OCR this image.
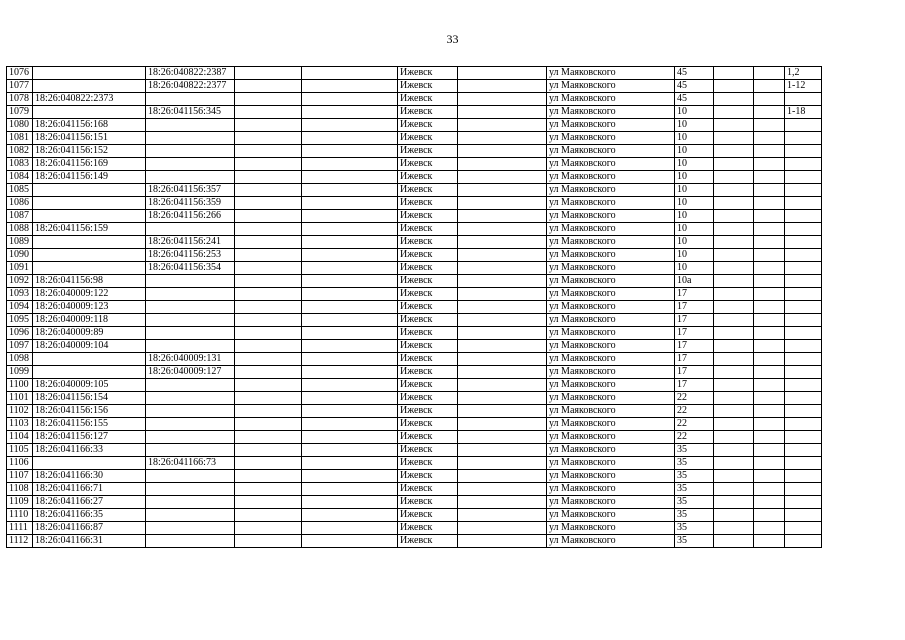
33
1076		18:26:040822:2387			Ижевск		ул Маяковского	45			1,2
1077		18:26:040822:2377			Ижевск		ул Маяковского	45			1-12
1078	18:26:040822:2373				Ижевск		ул Маяковского	45			
1079		18:26:041156:345			Ижевск		ул Маяковского	10			1-18
1080	18:26:041156:168				Ижевск		ул Маяковского	10			
1081	18:26:041156:151				Ижевск		ул Маяковского	10			
1082	18:26:041156:152				Ижевск		ул Маяковского	10			
1083	18:26:041156:169				Ижевск		ул Маяковского	10			
1084	18:26:041156:149				Ижевск		ул Маяковского	10			
1085		18:26:041156:357			Ижевск		ул Маяковского	10			
1086		18:26:041156:359			Ижевск		ул Маяковского	10			
1087		18:26:041156:266			Ижевск		ул Маяковского	10			
1088	18:26:041156:159				Ижевск		ул Маяковского	10			
1089		18:26:041156:241			Ижевск		ул Маяковского	10			
1090		18:26:041156:253			Ижевск		ул Маяковского	10			
1091		18:26:041156:354			Ижевск		ул Маяковского	10			
1092	18:26:041156:98				Ижевск		ул Маяковского	10а			
1093	18:26:040009:122				Ижевск		ул Маяковского	17			
1094	18:26:040009:123				Ижевск		ул Маяковского	17			
1095	18:26:040009:118				Ижевск		ул Маяковского	17			
1096	18:26:040009:89				Ижевск		ул Маяковского	17			
1097	18:26:040009:104				Ижевск		ул Маяковского	17			
1098		18:26:040009:131			Ижевск		ул Маяковского	17			
1099		18:26:040009:127			Ижевск		ул Маяковского	17			
1100	18:26:040009:105				Ижевск		ул Маяковского	17			
1101	18:26:041156:154				Ижевск		ул Маяковского	22			
1102	18:26:041156:156				Ижевск		ул Маяковского	22			
1103	18:26:041156:155				Ижевск		ул Маяковского	22			
1104	18:26:041156:127				Ижевск		ул Маяковского	22			
1105	18:26:041166:33				Ижевск		ул Маяковского	35			
1106		18:26:041166:73			Ижевск		ул Маяковского	35			
1107	18:26:041166:30				Ижевск		ул Маяковского	35			
1108	18:26:041166:71				Ижевск		ул Маяковского	35			
1109	18:26:041166:27				Ижевск		ул Маяковского	35			
1110	18:26:041166:35				Ижевск		ул Маяковского	35			
1111	18:26:041166:87				Ижевск		ул Маяковского	35			
1112	18:26:041166:31				Ижевск		ул Маяковского	35			
